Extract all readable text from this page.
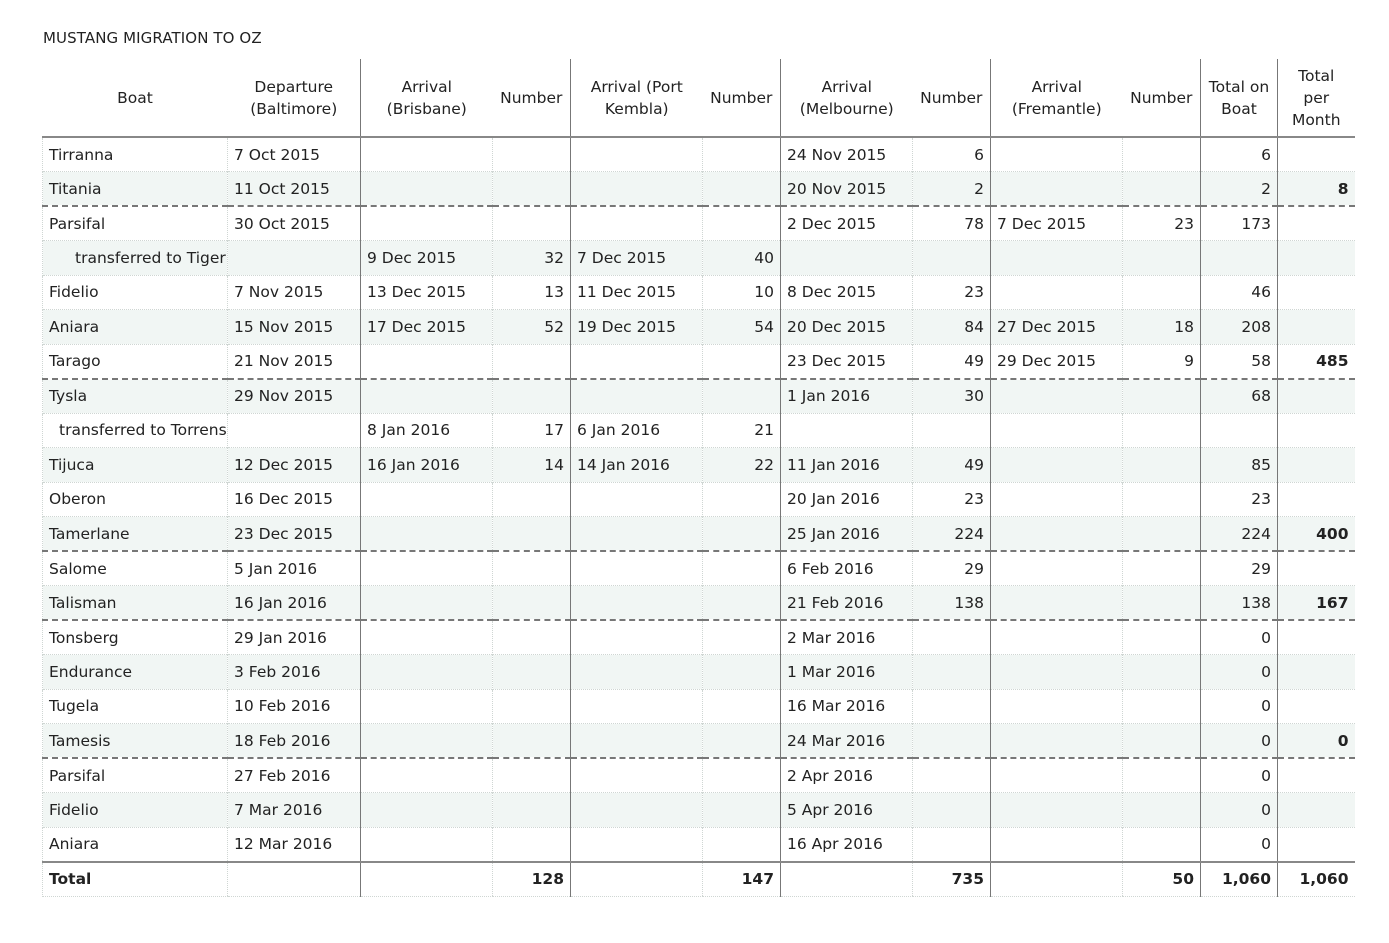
MUSTANG MIGRATION TO OZ
Boat	Departure (Baltimore)	Arrival (Brisbane)	Number	Arrival (Port Kembla)	Number	Arrival (Melbourne)	Number	Arrival (Fremantle)	Number	Total on Boat	Total per Month
Tirranna	7 Oct 2015					24 Nov 2015	6			6	
Titania	11 Oct 2015					20 Nov 2015	2			2	8
Parsifal	30 Oct 2015					2 Dec 2015	78	7 Dec 2015	23	173	
transferred to Tiger		9 Dec 2015	32	7 Dec 2015	40						
Fidelio	7 Nov 2015	13 Dec 2015	13	11 Dec 2015	10	8 Dec 2015	23			46	
Aniara	15 Nov 2015	17 Dec 2015	52	19 Dec 2015	54	20 Dec 2015	84	27 Dec 2015	18	208	
Tarago	21 Nov 2015					23 Dec 2015	49	29 Dec 2015	9	58	485
Tysla	29 Nov 2015					1 Jan 2016	30			68	
transferred to Torrens		8 Jan 2016	17	6 Jan 2016	21						
Tijuca	12 Dec 2015	16 Jan 2016	14	14 Jan 2016	22	11 Jan 2016	49			85	
Oberon	16 Dec 2015					20 Jan 2016	23			23	
Tamerlane	23 Dec 2015					25 Jan 2016	224			224	400
Salome	5 Jan 2016					6 Feb 2016	29			29	
Talisman	16 Jan 2016					21 Feb 2016	138			138	167
Tonsberg	29 Jan 2016					2 Mar 2016				0	
Endurance	3 Feb 2016					1 Mar 2016				0	
Tugela	10 Feb 2016					16 Mar 2016				0	
Tamesis	18 Feb 2016					24 Mar 2016				0	0
Parsifal	27 Feb 2016					2 Apr 2016				0	
Fidelio	7 Mar 2016					5 Apr 2016				0	
Aniara	12 Mar 2016					16 Apr 2016				0	
Total			128		147		735		50	1,060	1,060
